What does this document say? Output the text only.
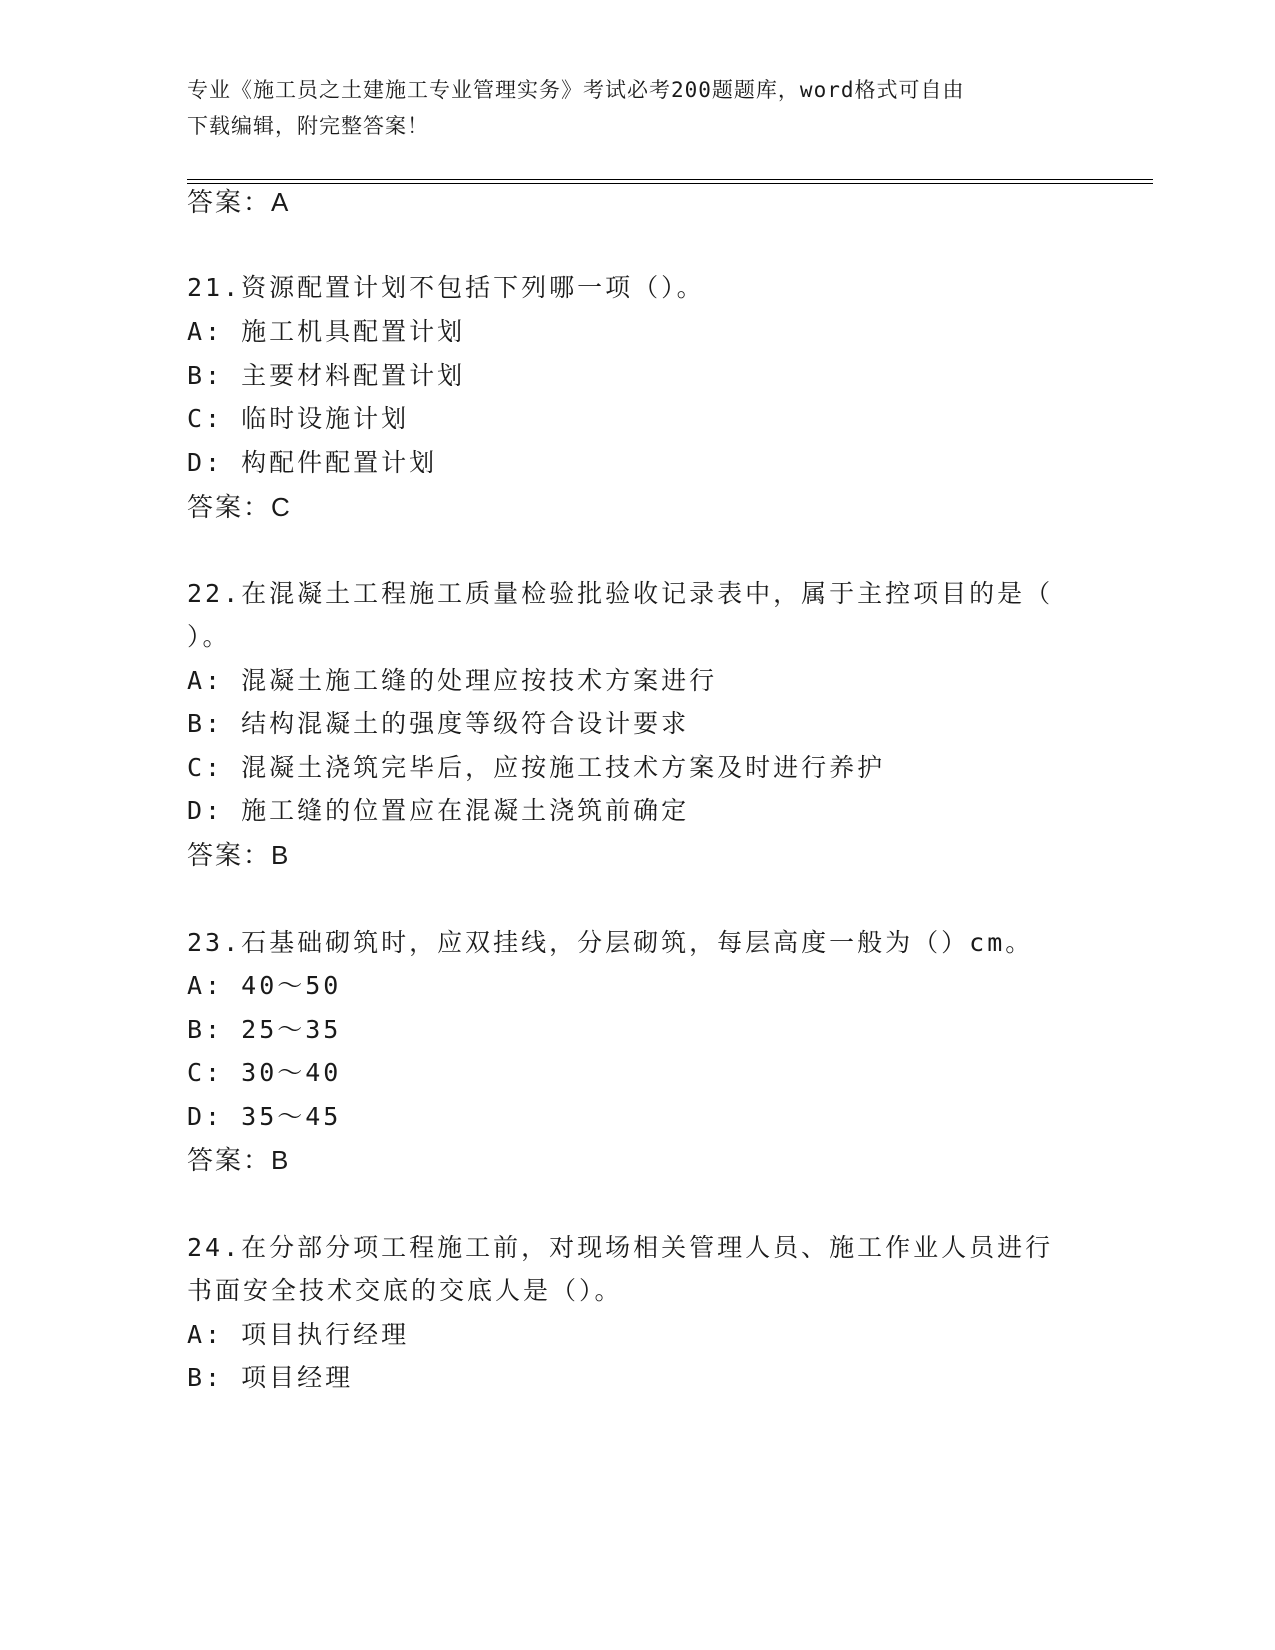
专业《施工员之土建施工专业管理实务》考试必考200题题库，word格式可自由
下载编辑，附完整答案！
答案：A
21.资源配置计划不包括下列哪一项（）。
A: 施工机具配置计划
B: 主要材料配置计划
C: 临时设施计划
D: 构配件配置计划
答案：C
22.在混凝土工程施工质量检验批验收记录表中，属于主控项目的是（
）。
A: 混凝土施工缝的处理应按技术方案进行
B: 结构混凝土的强度等级符合设计要求
C: 混凝土浇筑完毕后，应按施工技术方案及时进行养护
D: 施工缝的位置应在混凝土浇筑前确定
答案：B
23.石基础砌筑时，应双挂线，分层砌筑，每层高度一般为（）cm。
A: 40～50
B: 25～35
C: 30～40
D: 35～45
答案：B
24.在分部分项工程施工前，对现场相关管理人员、施工作业人员进行
书面安全技术交底的交底人是（）。
A: 项目执行经理
B: 项目经理
